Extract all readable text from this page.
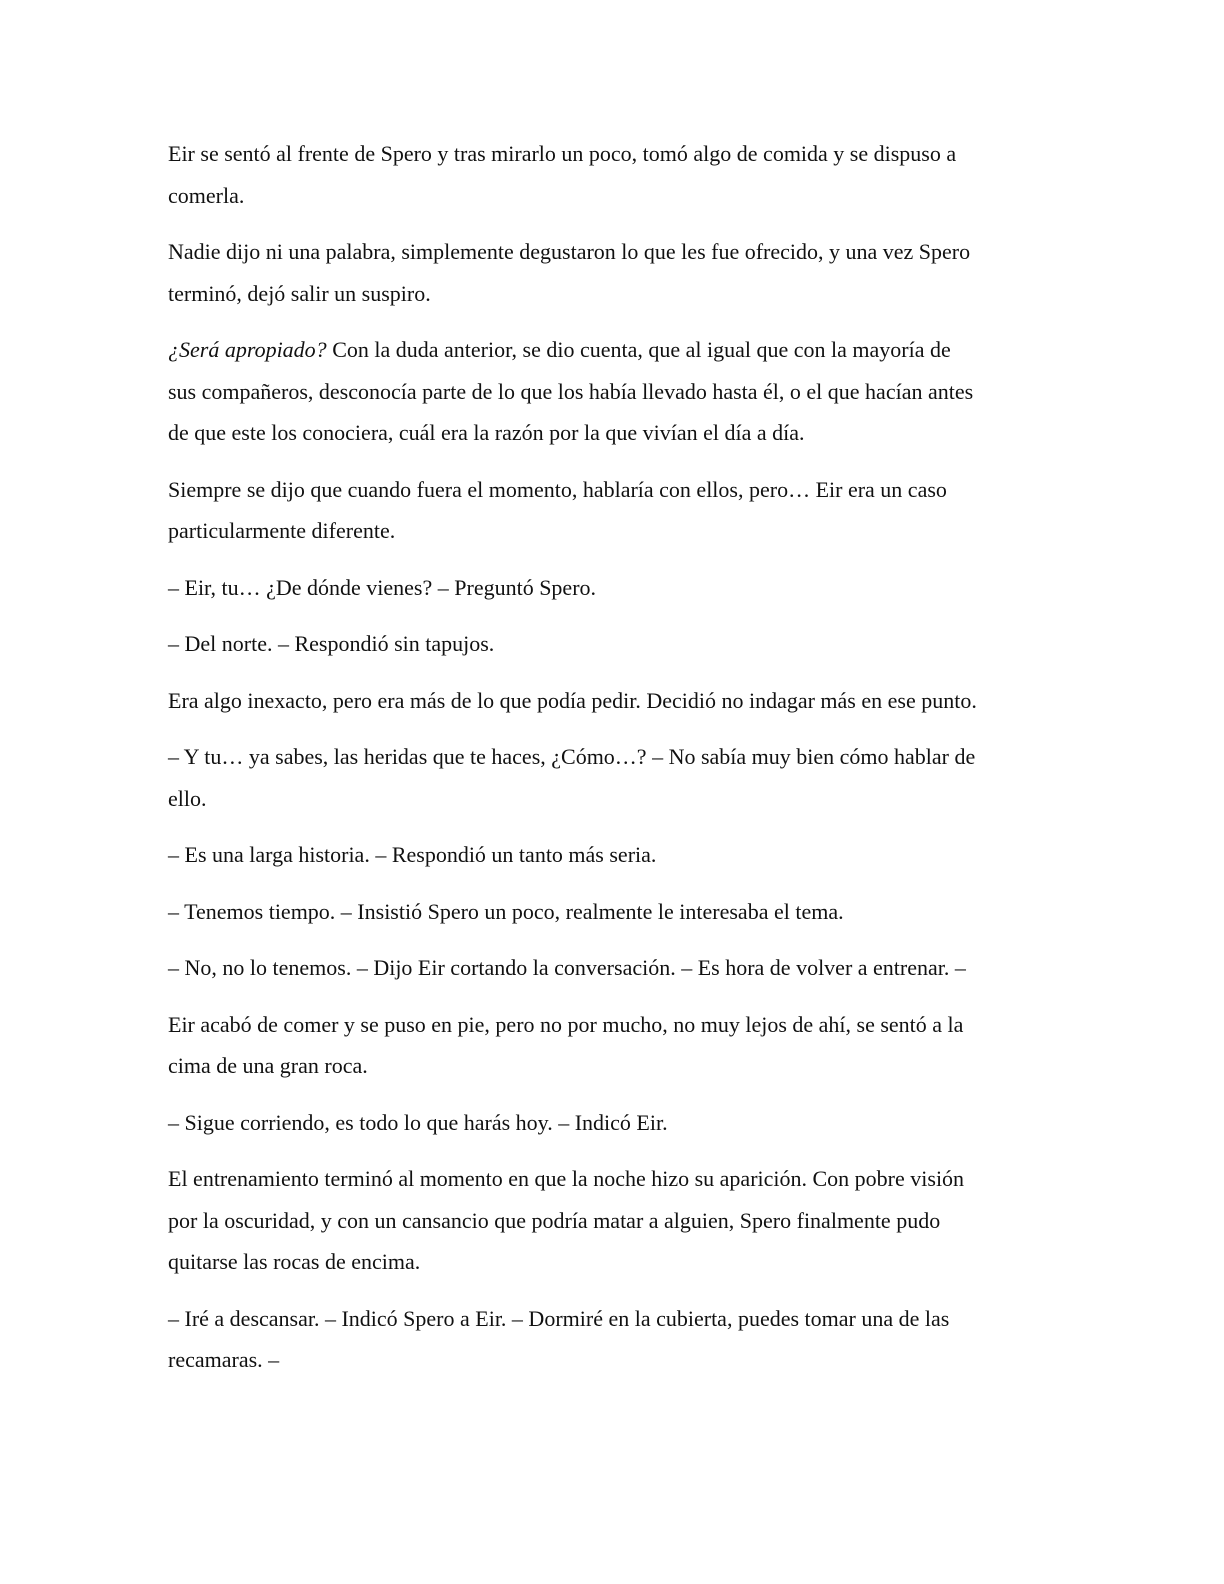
Eir se sentó al frente de Spero y tras mirarlo un poco, tomó algo de comida y se dispuso a
comerla.

Nadie dijo ni una palabra, simplemente degustaron lo que les fue ofrecido, y una vez Spero
terminó, dejó salir un suspiro.

¿Será apropiado? Con la duda anterior, se dio cuenta, que al igual que con la mayoría de
sus compañeros, desconocía parte de lo que los había llevado hasta él, o el que hacían antes
de que este los conociera, cuál era la razón por la que vivían el día a día.

Siempre se dijo que cuando fuera el momento, hablaría con ellos, pero… Eir era un caso
particularmente diferente.

– Eir, tu… ¿De dónde vienes? – Preguntó Spero.

– Del norte. – Respondió sin tapujos.

Era algo inexacto, pero era más de lo que podía pedir. Decidió no indagar más en ese punto.

– Y tu… ya sabes, las heridas que te haces, ¿Cómo…? – No sabía muy bien cómo hablar de
ello.

– Es una larga historia. – Respondió un tanto más seria.

– Tenemos tiempo. – Insistió Spero un poco, realmente le interesaba el tema.

– No, no lo tenemos. – Dijo Eir cortando la conversación. – Es hora de volver a entrenar. –

Eir acabó de comer y se puso en pie, pero no por mucho, no muy lejos de ahí, se sentó a la
cima de una gran roca.

– Sigue corriendo, es todo lo que harás hoy. – Indicó Eir.

El entrenamiento terminó al momento en que la noche hizo su aparición. Con pobre visión
por la oscuridad, y con un cansancio que podría matar a alguien, Spero finalmente pudo
quitarse las rocas de encima.

– Iré a descansar. – Indicó Spero a Eir. – Dormiré en la cubierta, puedes tomar una de las
recamaras. –
